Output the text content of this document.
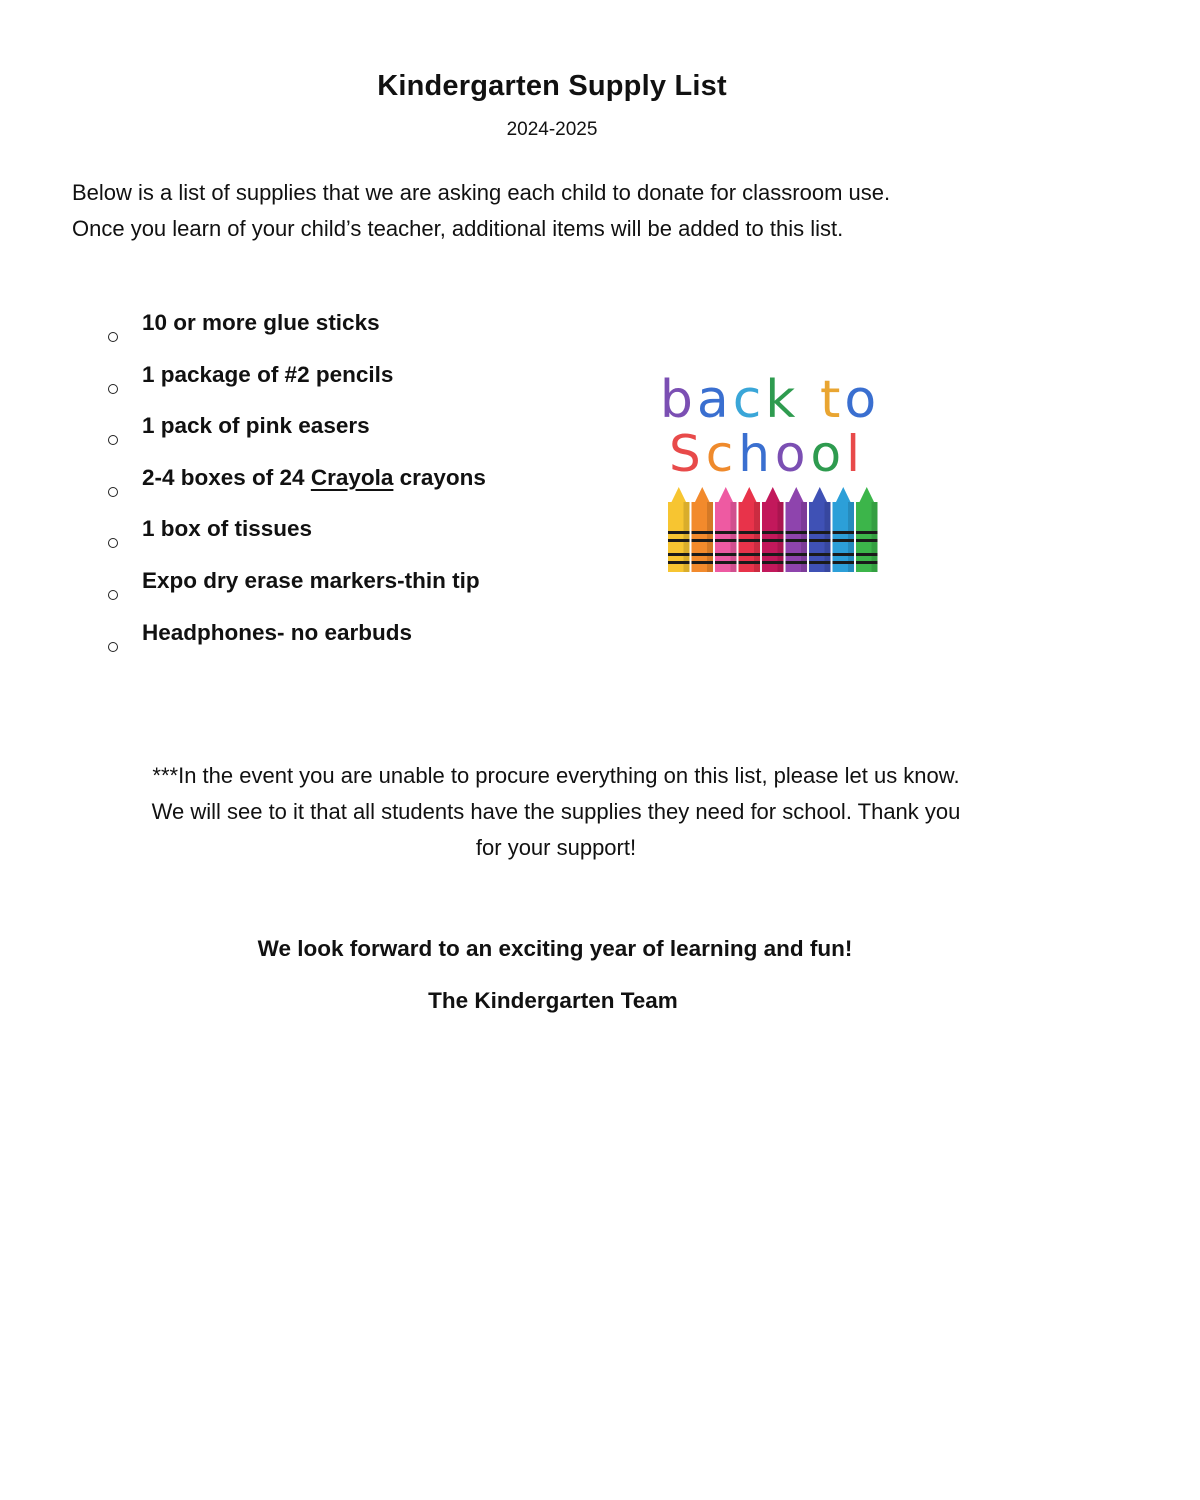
Kindergarten Supply List
2024-2025

Below is a list of supplies that we are asking each child to donate for classroom use.

Once you learn of your child’s teacher, additional items will be added to this list.

10 or more glue sticks
1 package of #2 pencils
1 pack of pink easers
2-4 boxes of 24 Crayola crayons
1 box of tissues
Expo dry erase markers-thin tip
Headphones- no earbuds
back to
School

***In the event you are unable to procure everything on this list, please let us know.

We will see to it that all students have the supplies they need for school. Thank you

for your support!

We look forward to an exciting year of learning and fun!
The Kindergarten Team
